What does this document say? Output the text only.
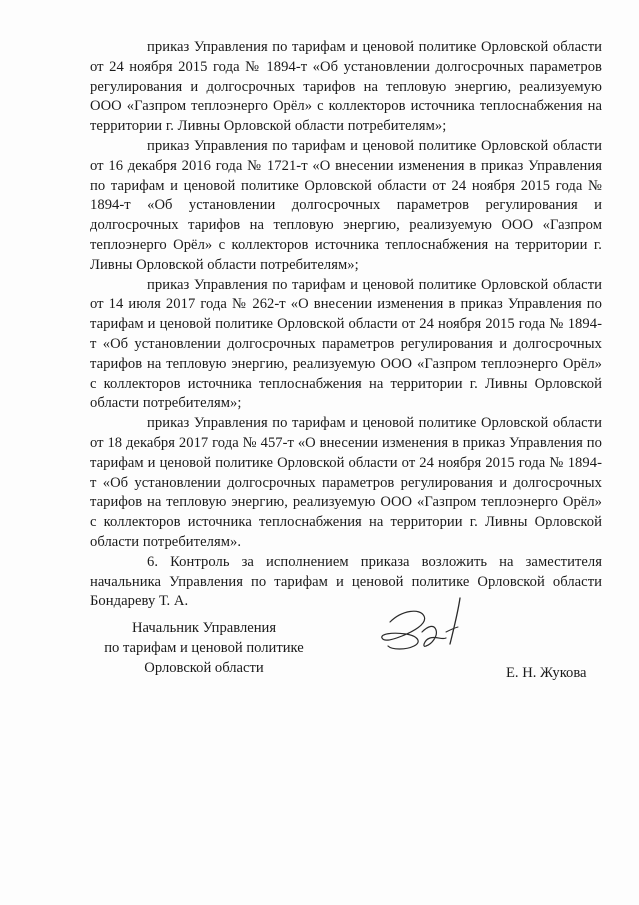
приказ Управления по тарифам и ценовой политике Орловской области от 24 ноября 2015 года № 1894-т «Об установлении долгосрочных параметров регулирования и долгосрочных тарифов на тепловую энергию, реализуемую ООО «Газпром теплоэнерго Орёл» с коллекторов источника теплоснабжения на территории г. Ливны Орловской области потребителям»;

приказ Управления по тарифам и ценовой политике Орловской области от 16 декабря 2016 года № 1721-т «О внесении изменения в приказ Управления по тарифам и ценовой политике Орловской области от 24 ноября 2015 года № 1894-т «Об установлении долгосрочных параметров регулирования и долгосрочных тарифов на тепловую энергию, реализуемую ООО «Газпром теплоэнерго Орёл» с коллекторов источника теплоснабжения на территории г. Ливны Орловской области потребителям»;

приказ Управления по тарифам и ценовой политике Орловской области от 14 июля 2017 года № 262-т «О внесении изменения в приказ Управления по тарифам и ценовой политике Орловской области от 24 ноября 2015 года № 1894-т «Об установлении долгосрочных параметров регулирования и долгосрочных тарифов на тепловую энергию, реализуемую ООО «Газпром теплоэнерго Орёл» с коллекторов источника теплоснабжения на территории г. Ливны Орловской области потребителям»;

приказ Управления по тарифам и ценовой политике Орловской области от 18 декабря 2017 года № 457-т «О внесении изменения в приказ Управления по тарифам и ценовой политике Орловской области от 24 ноября 2015 года № 1894-т «Об установлении долгосрочных параметров регулирования и долгосрочных тарифов на тепловую энергию, реализуемую ООО «Газпром теплоэнерго Орёл» с коллекторов источника теплоснабжения на территории г. Ливны Орловской области потребителям».

6. Контроль за исполнением приказа возложить на заместителя начальника Управления по тарифам и ценовой политике Орловской области Бондареву Т. А.

Начальник Управления
по тарифам и ценовой политике
Орловской области	Е. Н. Жукова
